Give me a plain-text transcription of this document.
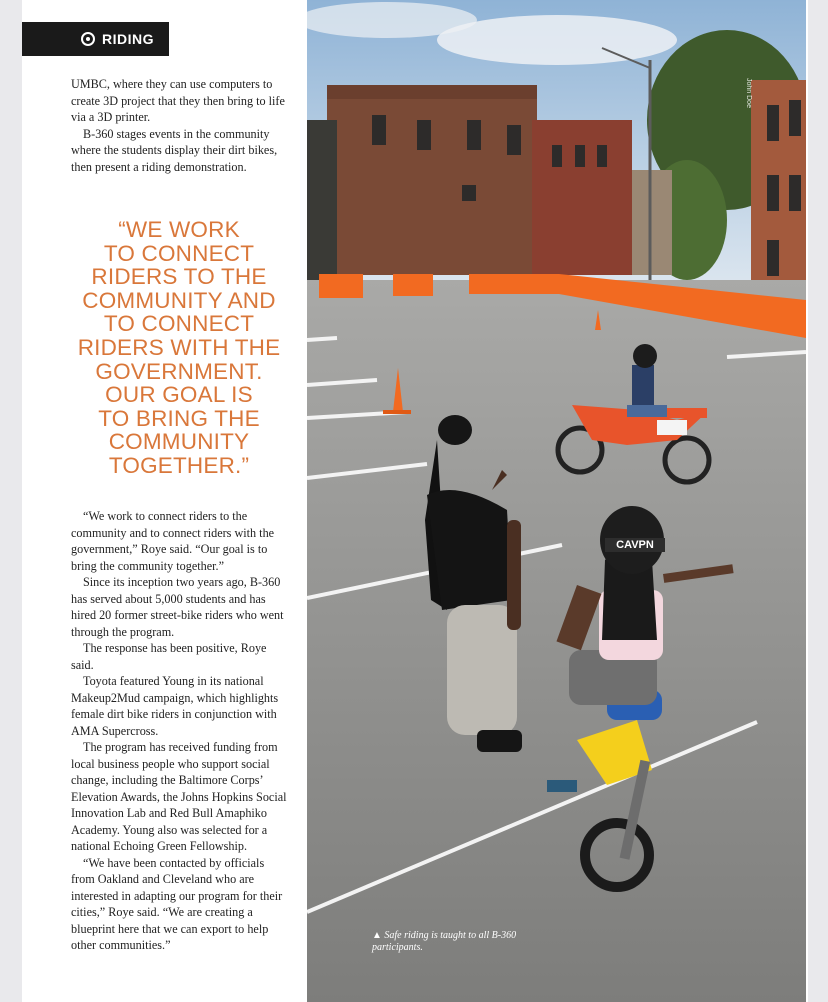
RIDING

UMBC, where they can use computers to create 3D project that they then bring to life via a 3D printer.

B-360 stages events in the community where the students display their dirt bikes, then present a riding demonstration.

“WE WORK
TO CONNECT
RIDERS TO THE
COMMUNITY AND
TO CONNECT
RIDERS WITH THE
GOVERNMENT.
OUR GOAL IS
TO BRING THE
COMMUNITY
TOGETHER.”

“We work to connect riders to the community and to connect riders with the government,” Roye said. “Our goal is to bring the community together.”

Since its inception two years ago, B-360 has served about 5,000 students and has hired 20 former street-bike riders who went through the program.

The response has been positive, Roye said.

Toyota featured Young in its national Makeup2Mud campaign, which highlights female dirt bike riders in conjunction with AMA Supercross.

The program has received funding from local business people who support social change, including the Baltimore Corps’ Elevation Awards, the Johns Hopkins Social Innovation Lab and Red Bull Amaphiko Academy. Young also was selected for a national Echoing Green Fellowship.

“We have been contacted by officials from Oakland and Cleveland who are interested in adapting our program for their cities,” Roye said. “We are creating a blueprint here that we can export to help other communities.”

CAVPN
▲ Safe riding is taught to all B-360 participants.
John Doe
